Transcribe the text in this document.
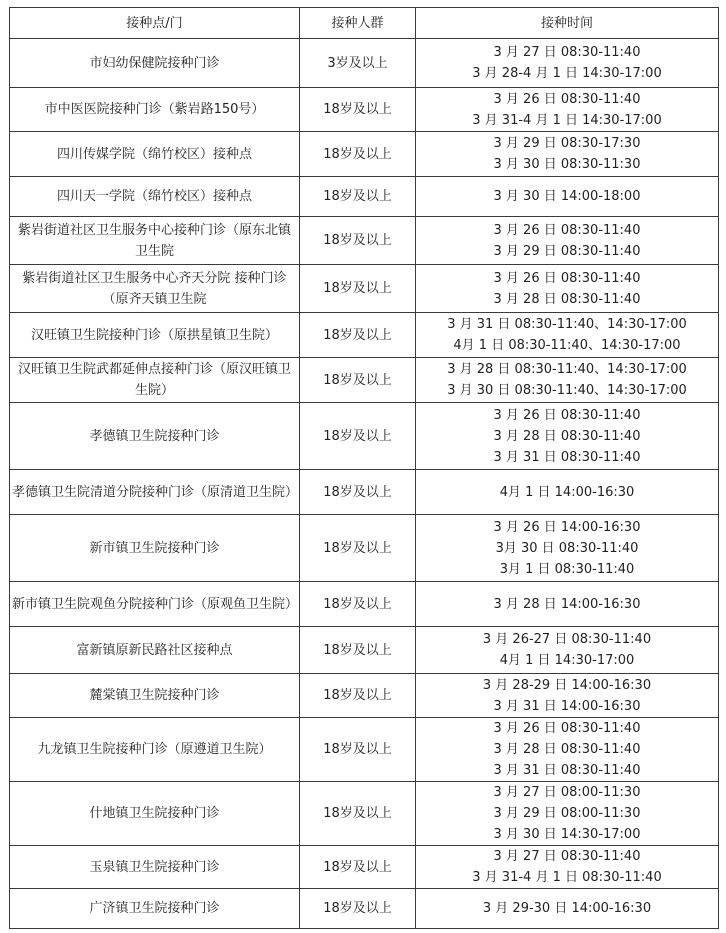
接种点/门	接种人群	接种时间
市妇幼保健院接种门诊	3岁及以上	3 月 27 日 08:30-11:40
3 月 28-4 月 1 日 14:30-17:00

市中医医院接种门诊（紫岩路150号）	18岁及以上	3 月 26 日 08:30-11:40
3 月 31-4 月 1 日 14:30-17:00

四川传媒学院（绵竹校区）接种点	18岁及以上	3 月 29 日 08:30-17:30
3 月 30 日 08:30-11:30

四川天一学院（绵竹校区）接种点	18岁及以上	3 月 30 日 14:00-18:00

紫岩街道社区卫生服务中心接种门诊（原东北镇卫生院	18岁及以上	3 月 26 日 08:30-11:40
3 月 29 日 08:30-11:40

紫岩街道社区卫生服务中心齐天分院 接种门诊（原齐天镇卫生院	18岁及以上	3 月 26 日 08:30-11:40
3 月 28 日 08:30-11:40

汉旺镇卫生院接种门诊（原拱星镇卫生院）	18岁及以上	3 月 31 日 08:30-11:40、14:30-17:00
4月 1 日 08:30-11:40、14:30-17:00

汉旺镇卫生院武都延伸点接种门诊（原汉旺镇卫生院）	18岁及以上	3 月 28 日 08:30-11:40、14:30-17:00
3 月 30 日 08:30-11:40、14:30-17:00

孝德镇卫生院接种门诊	18岁及以上	3 月 26 日 08:30-11:40
3 月 28 日 08:30-11:40
3 月 31 日 08:30-11:40

孝德镇卫生院清道分院接种门诊（原清道卫生院）	18岁及以上	4月 1 日 14:00-16:30

新市镇卫生院接种门诊	18岁及以上	3 月 26 日 14:00-16:30
3月 30 日 08:30-11:40
3月 1 日 08:30-11:40

新市镇卫生院观鱼分院接种门诊（原观鱼卫生院）	18岁及以上	3 月 28 日 14:00-16:30

富新镇原新民路社区接种点	18岁及以上	3 月 26-27 日 08:30-11:40
4月 1 日 14:30-17:00

麓棠镇卫生院接种门诊	18岁及以上	3 月 28-29 日 14:00-16:30
3 月 31 日 14:00-16:30

九龙镇卫生院接种门诊（原遵道卫生院）	18岁及以上	3 月 26 日 08:30-11:40
3 月 28 日 08:30-11:40
3 月 31 日 08:30-11:40

什地镇卫生院接种门诊	18岁及以上	3 月 27 日 08:00-11:30
3 月 29 日 08:00-11:30
3 月 30 日 14:30-17:00

玉泉镇卫生院接种门诊	18岁及以上	3 月 27 日 08:30-11:40
3 月 31-4 月 1 日 08:30-11:40

广济镇卫生院接种门诊	18岁及以上	3 月 29-30 日 14:00-16:30
